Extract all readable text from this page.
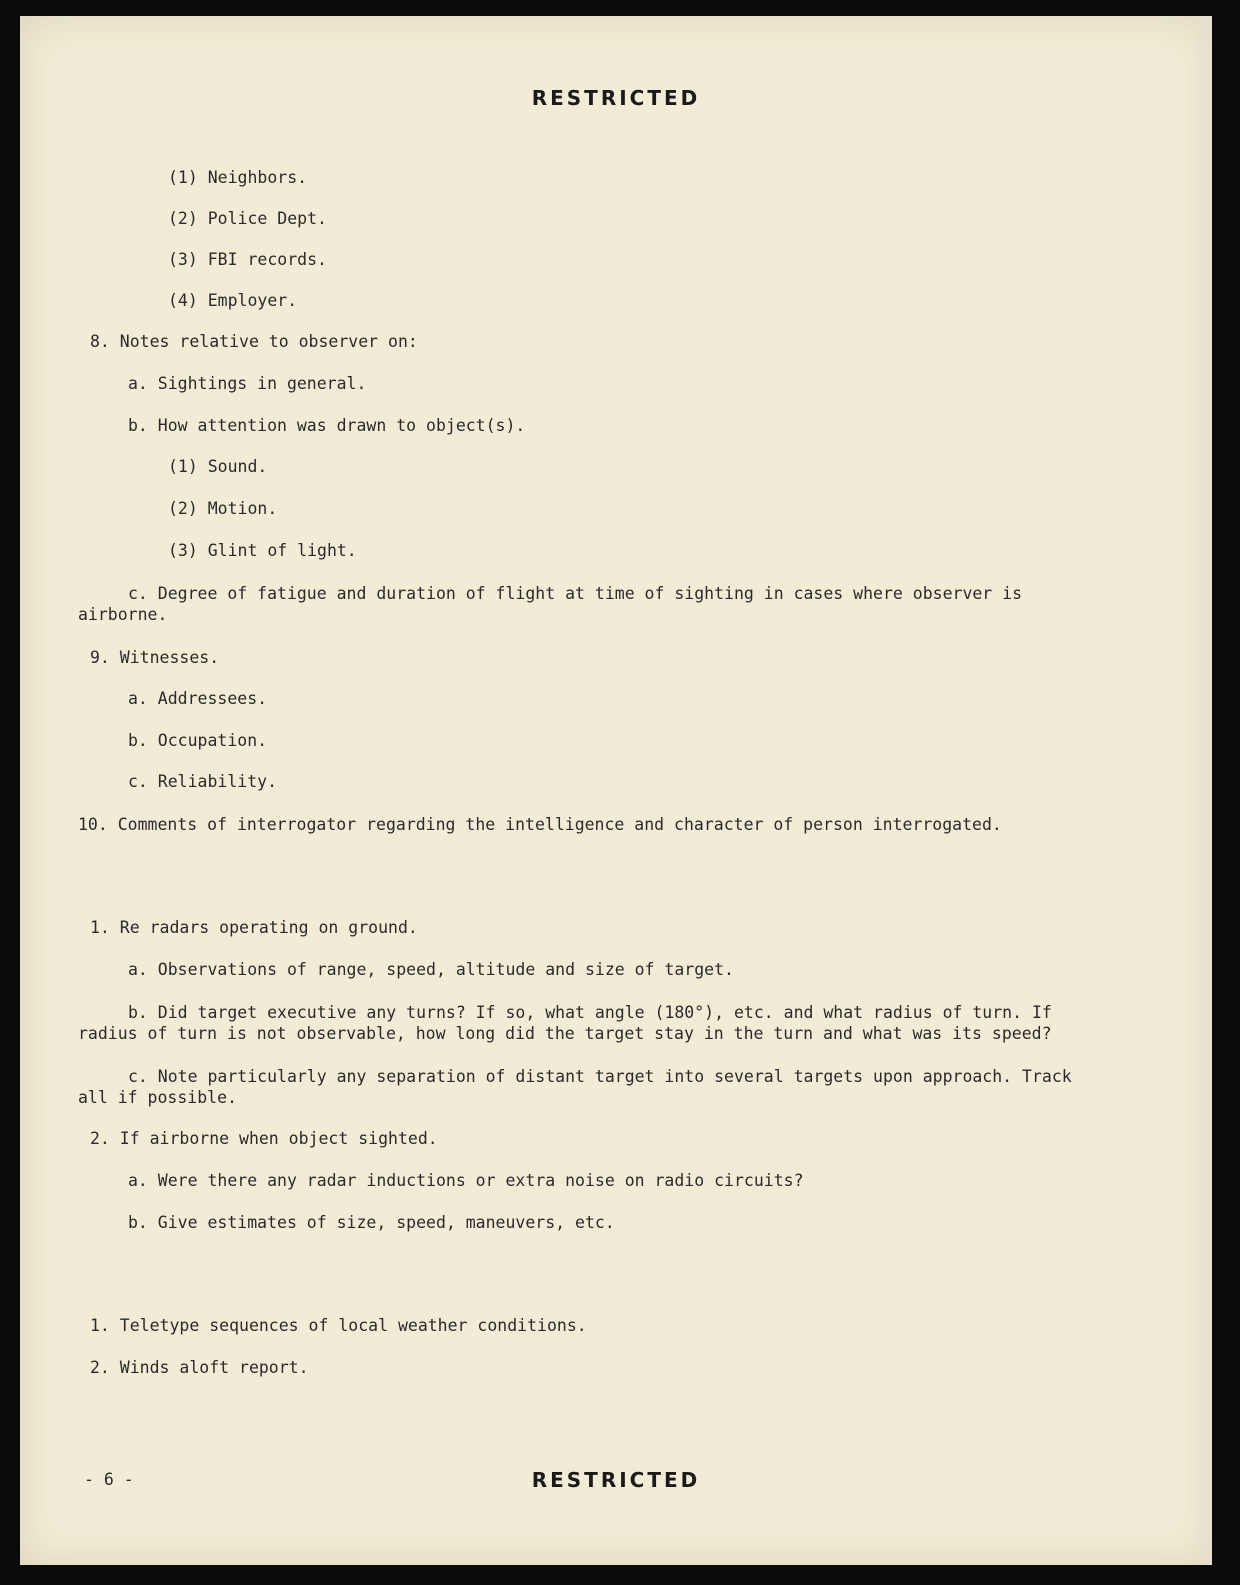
RESTRICTED
(1) Neighbors.
(2) Police Dept.
(3) FBI records.
(4) Employer.
8. Notes relative to observer on:
a. Sightings in general.
b. How attention was drawn to object(s).
(1) Sound.
(2) Motion.
(3) Glint of light.
c. Degree of fatigue and duration of flight at time of sighting in cases where observer is airborne.
9. Witnesses.
a. Addressees.
b. Occupation.
c. Reliability.
10. Comments of interrogator regarding the intelligence and character of person interrogated.
1. Re radars operating on ground.
a. Observations of range, speed, altitude and size of target.
b. Did target executive any turns? If so, what angle (180°), etc. and what radius of turn. If radius of turn is not observable, how long did the target stay in the turn and what was its speed?
c. Note particularly any separation of distant target into several targets upon approach. Track all if possible.
2. If airborne when object sighted.
a. Were there any radar inductions or extra noise on radio circuits?
b. Give estimates of size, speed, maneuvers, etc.
1. Teletype sequences of local weather conditions.
2. Winds aloft report.
- 6 -	RESTRICTED
